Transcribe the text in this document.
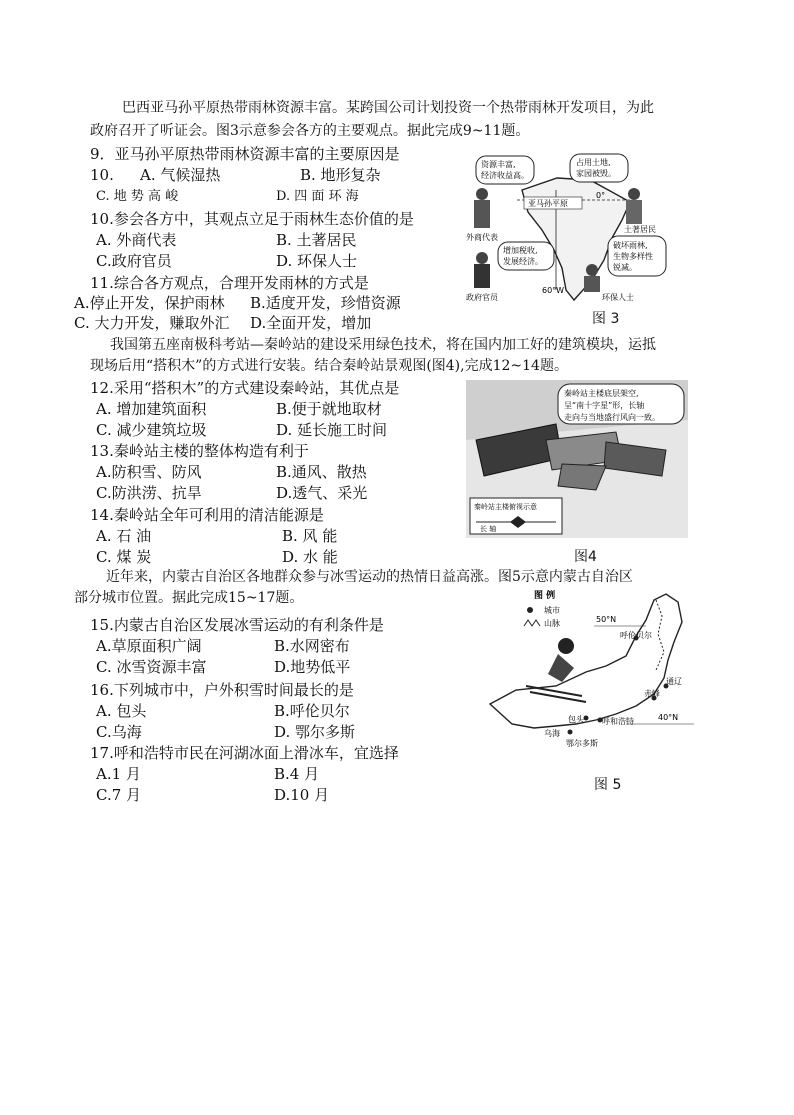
巴西亚马孙平原热带雨林资源丰富。某跨国公司计划投资一个热带雨林开发项目，为此
政府召开了听证会。图3示意参会各方的主要观点。据此完成9~11题。
9．亚马孙平原热带雨林资源丰富的主要原因是
10. A. 气候湿热	B. 地形复杂
C. 地 势 高 峻	D. 四 面 环 海
10.参会各方中，其观点立足于雨林生态价值的是
A. 外商代表	B. 土著居民
C.政府官员	D. 环保人士
11.综合各方观点，合理开发雨林的方式是
A.停止开发，保护雨林 B.适度开发，珍惜资源
C. 大力开发，赚取外汇 D.全面开发，增加
亚马孙平原
0°
60°W
资源丰富,
经济收益高。
占用土地,
家园被毁。
增加税收,
发展经济。
破坏雨林,
生物多样性
锐减。
外商代表
土著居民
政府官员	环保人士
图 3
我国第五座南极科考站—秦岭站的建设采用绿色技术，将在国内加工好的建筑模块，运抵
现场后用“搭积木”的方式进行安装。结合秦岭站景观图(图4),完成12~14题。
12.采用“搭积木”的方式建设秦岭站，其优点是
A. 增加建筑面积	B.便于就地取材
C. 减少建筑垃圾	D. 延长施工时间
13.秦岭站主楼的整体构造有利于
A.防积雪、防风	B.通风、散热
C.防洪涝、抗旱	D.透气、采光
14.秦岭站全年可利用的清洁能源是
A. 石 油	B. 风 能
C. 煤 炭	D. 水 能
秦岭站主楼底层架空,
呈“南十字星”形，长轴
走向与当地盛行风向一致。
秦岭站主楼俯视示意
长 轴
图4
近年来，内蒙古自治区各地群众参与冰雪运动的热情日益高涨。图5示意内蒙古自治区
部分城市位置。据此完成15~17题。
15.内蒙古自治区发展冰雪运动的有利条件是
A.草原面积广阔	B.水网密布
C. 冰雪资源丰富	D.地势低平
16.下列城市中，户外积雪时间最长的是
A. 包头	B.呼伦贝尔
C.乌海	D. 鄂尔多斯
17.呼和浩特市民在河湖冰面上滑冰车，宜选择
A.1 月	B.4 月
C.7 月	D.10 月
50°N
40°N
图 例
城市
山脉
呼伦贝尔
通辽
赤峰
包头 呼和浩特
乌海
鄂尔多斯
图 5
